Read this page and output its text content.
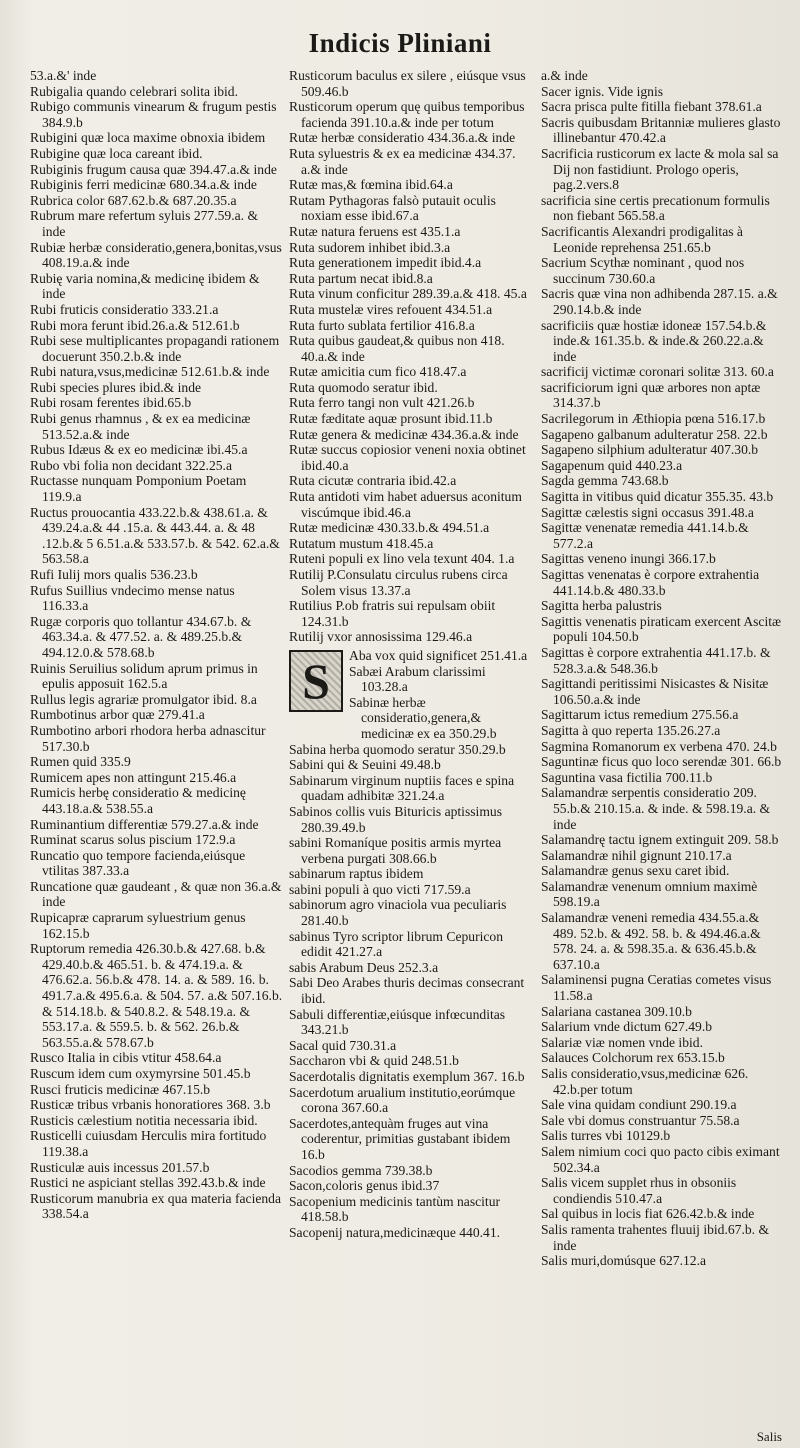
Indicis Pliniani
53.a.&' inde
Rubigalia quando celebrari solita ibid.
Rubigo communis vinearum & frugum pestis 384.9.b
Rubigini quæ loca maxime obnoxia ibidem
Rubigine quæ loca careant ibid.
Rubiginis frugum causa quæ 394.47.a.& inde
Rubiginis ferri medicinæ 680.34.a.& inde
Rubrica color 687.62.b.& 687.20.35.a
Rubrum mare refertum syluis 277.59.a. & inde
Rubiæ herbæ consideratio,genera,bonitas,vsus 408.19.a.& inde
Rubię varia nomina,& medicinę ibidem & inde
Rubi fruticis consideratio 333.21.a
Rubi mora ferunt ibid.26.a.& 512.61.b
Rubi sese multiplicantes propagandi rationem docuerunt 350.2.b.& inde
Rubi natura,vsus,medicinæ 512.61.b.& inde
Rubi species plures ibid.& inde
Rubi rosam ferentes ibid.65.b
Rubi genus rhamnus , & ex ea medicinæ 513.52.a.& inde
Rubus Idæus & ex eo medicinæ ibi.45.a
Rubo vbi folia non decidant 322.25.a
Ructasse nunquam Pomponium Poetam 119.9.a
Ructus prouocantia 433.22.b.& 438.61.a. & 439.24.a.& 44 .15.a. & 443.44. a. & 48 .12.b.& 5 6.51.a.& 533.57.b. & 542. 62.a.& 563.58.a
Rufi Iulij mors qualis 536.23.b
Rufus Suillius vndecimo mense natus 116.33.a
Rugæ corporis quo tollantur 434.67.b. & 463.34.a. & 477.52. a. & 489.25.b.& 494.12.0.& 578.68.b
Ruinis Seruilius solidum aprum primus in epulis apposuit 162.5.a
Rullus legis agrariæ promulgator ibid. 8.a
Rumbotinus arbor quæ 279.41.a
Rumbotino arbori rhodora herba adnascitur 517.30.b
Rumen quid 335.9
Rumicem apes non attingunt 215.46.a
Rumicis herbę consideratio & medicinę 443.18.a.& 538.55.a
Ruminantium differentiæ 579.27.a.& inde
Ruminat scarus solus piscium 172.9.a
Runcatio quo tempore facienda,eiúsque vtilitas 387.33.a
Runcatione quæ gaudeant , & quæ non 36.a.& inde
Rupicapræ caprarum syluestrium genus 162.15.b
Ruptorum remedia 426.30.b.& 427.68. b.& 429.40.b.& 465.51. b. & 474.19.a. & 476.62.a. 56.b.& 478. 14. a. & 589. 16. b. 491.7.a.& 495.6.a. & 504. 57. a.& 507.16.b. & 514.18.b. & 540.8.2. & 548.19.a. & 553.17.a. & 559.5. b. & 562. 26.b.& 563.55.a.& 578.67.b
Rusco Italia in cibis vtitur 458.64.a
Ruscum idem cum oxymyrsine 501.45.b
Rusci fruticis medicinæ 467.15.b
Rusticæ tribus vrbanis honoratiores 368. 3.b
Rusticis cælestium notitia necessaria ibid.
Rusticelli cuiusdam Herculis mira fortitudo 119.38.a
Rusticulæ auis incessus 201.57.b
Rustici ne aspiciant stellas 392.43.b.& inde
Rusticorum manubria ex qua materia facienda 338.54.a
Rusticorum baculus ex silere , eiúsque vsus 509.46.b
Rusticorum operum quę quibus temporibus facienda 391.10.a.& inde per totum
Rutæ herbæ consideratio 434.36.a.& inde
Ruta syluestris & ex ea medicinæ 434.37. a.& inde
Rutæ mas,& fœmina ibid.64.a
Rutam Pythagoras falsò putauit oculis noxiam esse ibid.67.a
Rutæ natura feruens est 435.1.a
Ruta sudorem inhibet ibid.3.a
Ruta generationem impedit ibid.4.a
Ruta partum necat ibid.8.a
Ruta vinum conficitur 289.39.a.& 418. 45.a
Ruta mustelæ vires refouent 434.51.a
Ruta furto sublata fertilior 416.8.a
Ruta quibus gaudeat,& quibus non 418. 40.a.& inde
Rutæ amicitia cum fico 418.47.a
Ruta quomodo seratur ibid.
Ruta ferro tangi non vult 421.26.b
Rutæ fæditate aquæ prosunt ibid.11.b
Rutæ genera & medicinæ 434.36.a.& inde
Rutæ succus copiosior veneni noxia obtinet ibid.40.a
Ruta cicutæ contraria ibid.42.a
Ruta antidoti vim habet aduersus aconitum viscúmque ibid.46.a
Rutæ medicinæ 430.33.b.& 494.51.a
Rutatum mustum 418.45.a
Ruteni populi ex lino vela texunt 404. 1.a
Rutilij P.Consulatu circulus rubens circa Solem visus 13.37.a
Rutilius P.ob fratris sui repulsam obiit 124.31.b
Rutilij vxor annosissima 129.46.a
S	Aba vox quid significet 251.41.a
Sabæi Arabum clarissimi 103.28.a
Sabinæ herbæ consideratio,genera,& medicinæ ex ea 350.29.b
Sabina herba quomodo seratur 350.29.b
Sabini qui & Seuini 49.48.b
Sabinarum virginum nuptiis faces e spina quadam adhibitæ 321.24.a
Sabinos collis vuis Bituricis aptissimus 280.39.49.b
sabini Romaníque positis armis myrtea verbena purgati 308.66.b
sabinarum raptus ibidem
sabini populi à quo victi 717.59.a
sabinorum agro vinaciola vua peculiaris 281.40.b
sabinus Tyro scriptor librum Cepuricon edidit 421.27.a
sabis Arabum Deus 252.3.a
Sabi Deo Arabes thuris decimas consecrant ibid.
Sabuli differentiæ,eiúsque infœcunditas 343.21.b
Sacal quid 730.31.a
Saccharon vbi & quid 248.51.b
Sacerdotalis dignitatis exemplum 367. 16.b
Sacerdotum arualium institutio,eorúmque corona 367.60.a
Sacerdotes,antequàm fruges aut vina coderentur, primitias gustabant ibidem 16.b
Sacodios gemma 739.38.b
Sacon,coloris genus ibid.37
Sacopenium medicinis tantùm nascitur 418.58.b
Sacopenij natura,medicinæque 440.41.
a.& inde
Sacer ignis. Vide ignis
Sacra prisca pulte fitilla fiebant 378.61.a
Sacris quibusdam Britanniæ mulieres glasto illinebantur 470.42.a
Sacrificia rusticorum ex lacte & mola sal sa Dij non fastidiunt. Prologo operis, pag.2.vers.8
sacrificia sine certis precationum formulis non fiebant 565.58.a
Sacrificantis Alexandri prodigalitas à Leonide reprehensa 251.65.b
Sacrium Scythæ nominant , quod nos succinum 730.60.a
Sacris quæ vina non adhibenda 287.15. a.& 290.14.b.& inde
sacrificiis quæ hostiæ idoneæ 157.54.b.& inde.& 161.35.b. & inde.& 260.22.a.& inde
sacrificij victimæ coronari solitæ 313. 60.a
sacrificiorum igni quæ arbores non aptæ 314.37.b
Sacrilegorum in Æthiopia pœna 516.17.b
Sagapeno galbanum adulteratur 258. 22.b
Sagapeno silphium adulteratur 407.30.b
Sagapenum quid 440.23.a
Sagda gemma 743.68.b
Sagitta in vitibus quid dicatur 355.35. 43.b
Sagittæ cælestis signi occasus 391.48.a
Sagittæ venenatæ remedia 441.14.b.& 577.2.a
Sagittas veneno inungi 366.17.b
Sagittas venenatas è corpore extrahentia 441.14.b.& 480.33.b
Sagitta herba palustris
Sagittis venenatis piraticam exercent Ascitæ populi 104.50.b
Sagittas è corpore extrahentia 441.17.b. & 528.3.a.& 548.36.b
Sagittandi peritissimi Nisicastes & Nisitæ 106.50.a.& inde
Sagittarum ictus remedium 275.56.a
Sagitta à quo reperta 135.26.27.a
Sagmina Romanorum ex verbena 470. 24.b
Saguntinæ ficus quo loco serendæ 301. 66.b
Saguntina vasa fictilia 700.11.b
Salamandræ serpentis consideratio 209. 55.b.& 210.15.a. & inde. & 598.19.a. & inde
Salamandrę tactu ignem extinguit 209. 58.b
Salamandræ nihil gignunt 210.17.a
Salamandræ genus sexu caret ibid.
Salamandræ venenum omnium maximè 598.19.a
Salamandræ veneni remedia 434.55.a.& 489. 52.b. & 492. 58. b. & 494.46.a.& 578. 24. a. & 598.35.a. & 636.45.b.& 637.10.a
Salaminensi pugna Ceratias cometes visus 11.58.a
Salariana castanea 309.10.b
Salarium vnde dictum 627.49.b
Salariæ viæ nomen vnde ibid.
Salauces Colchorum rex 653.15.b
Salis consideratio,vsus,medicinæ 626. 42.b.per totum
Sale vina quidam condiunt 290.19.a
Sale vbi domus construantur 75.58.a
Salis turres vbi 10129.b
Salem nimium coci quo pacto cibis eximant 502.34.a
Salis vicem supplet rhus in obsoniis condiendis 510.47.a
Sal quibus in locis fiat 626.42.b.& inde
Salis ramenta trahentes fluuij ibid.67.b. & inde
Salis muri,domúsque 627.12.a
Salis
